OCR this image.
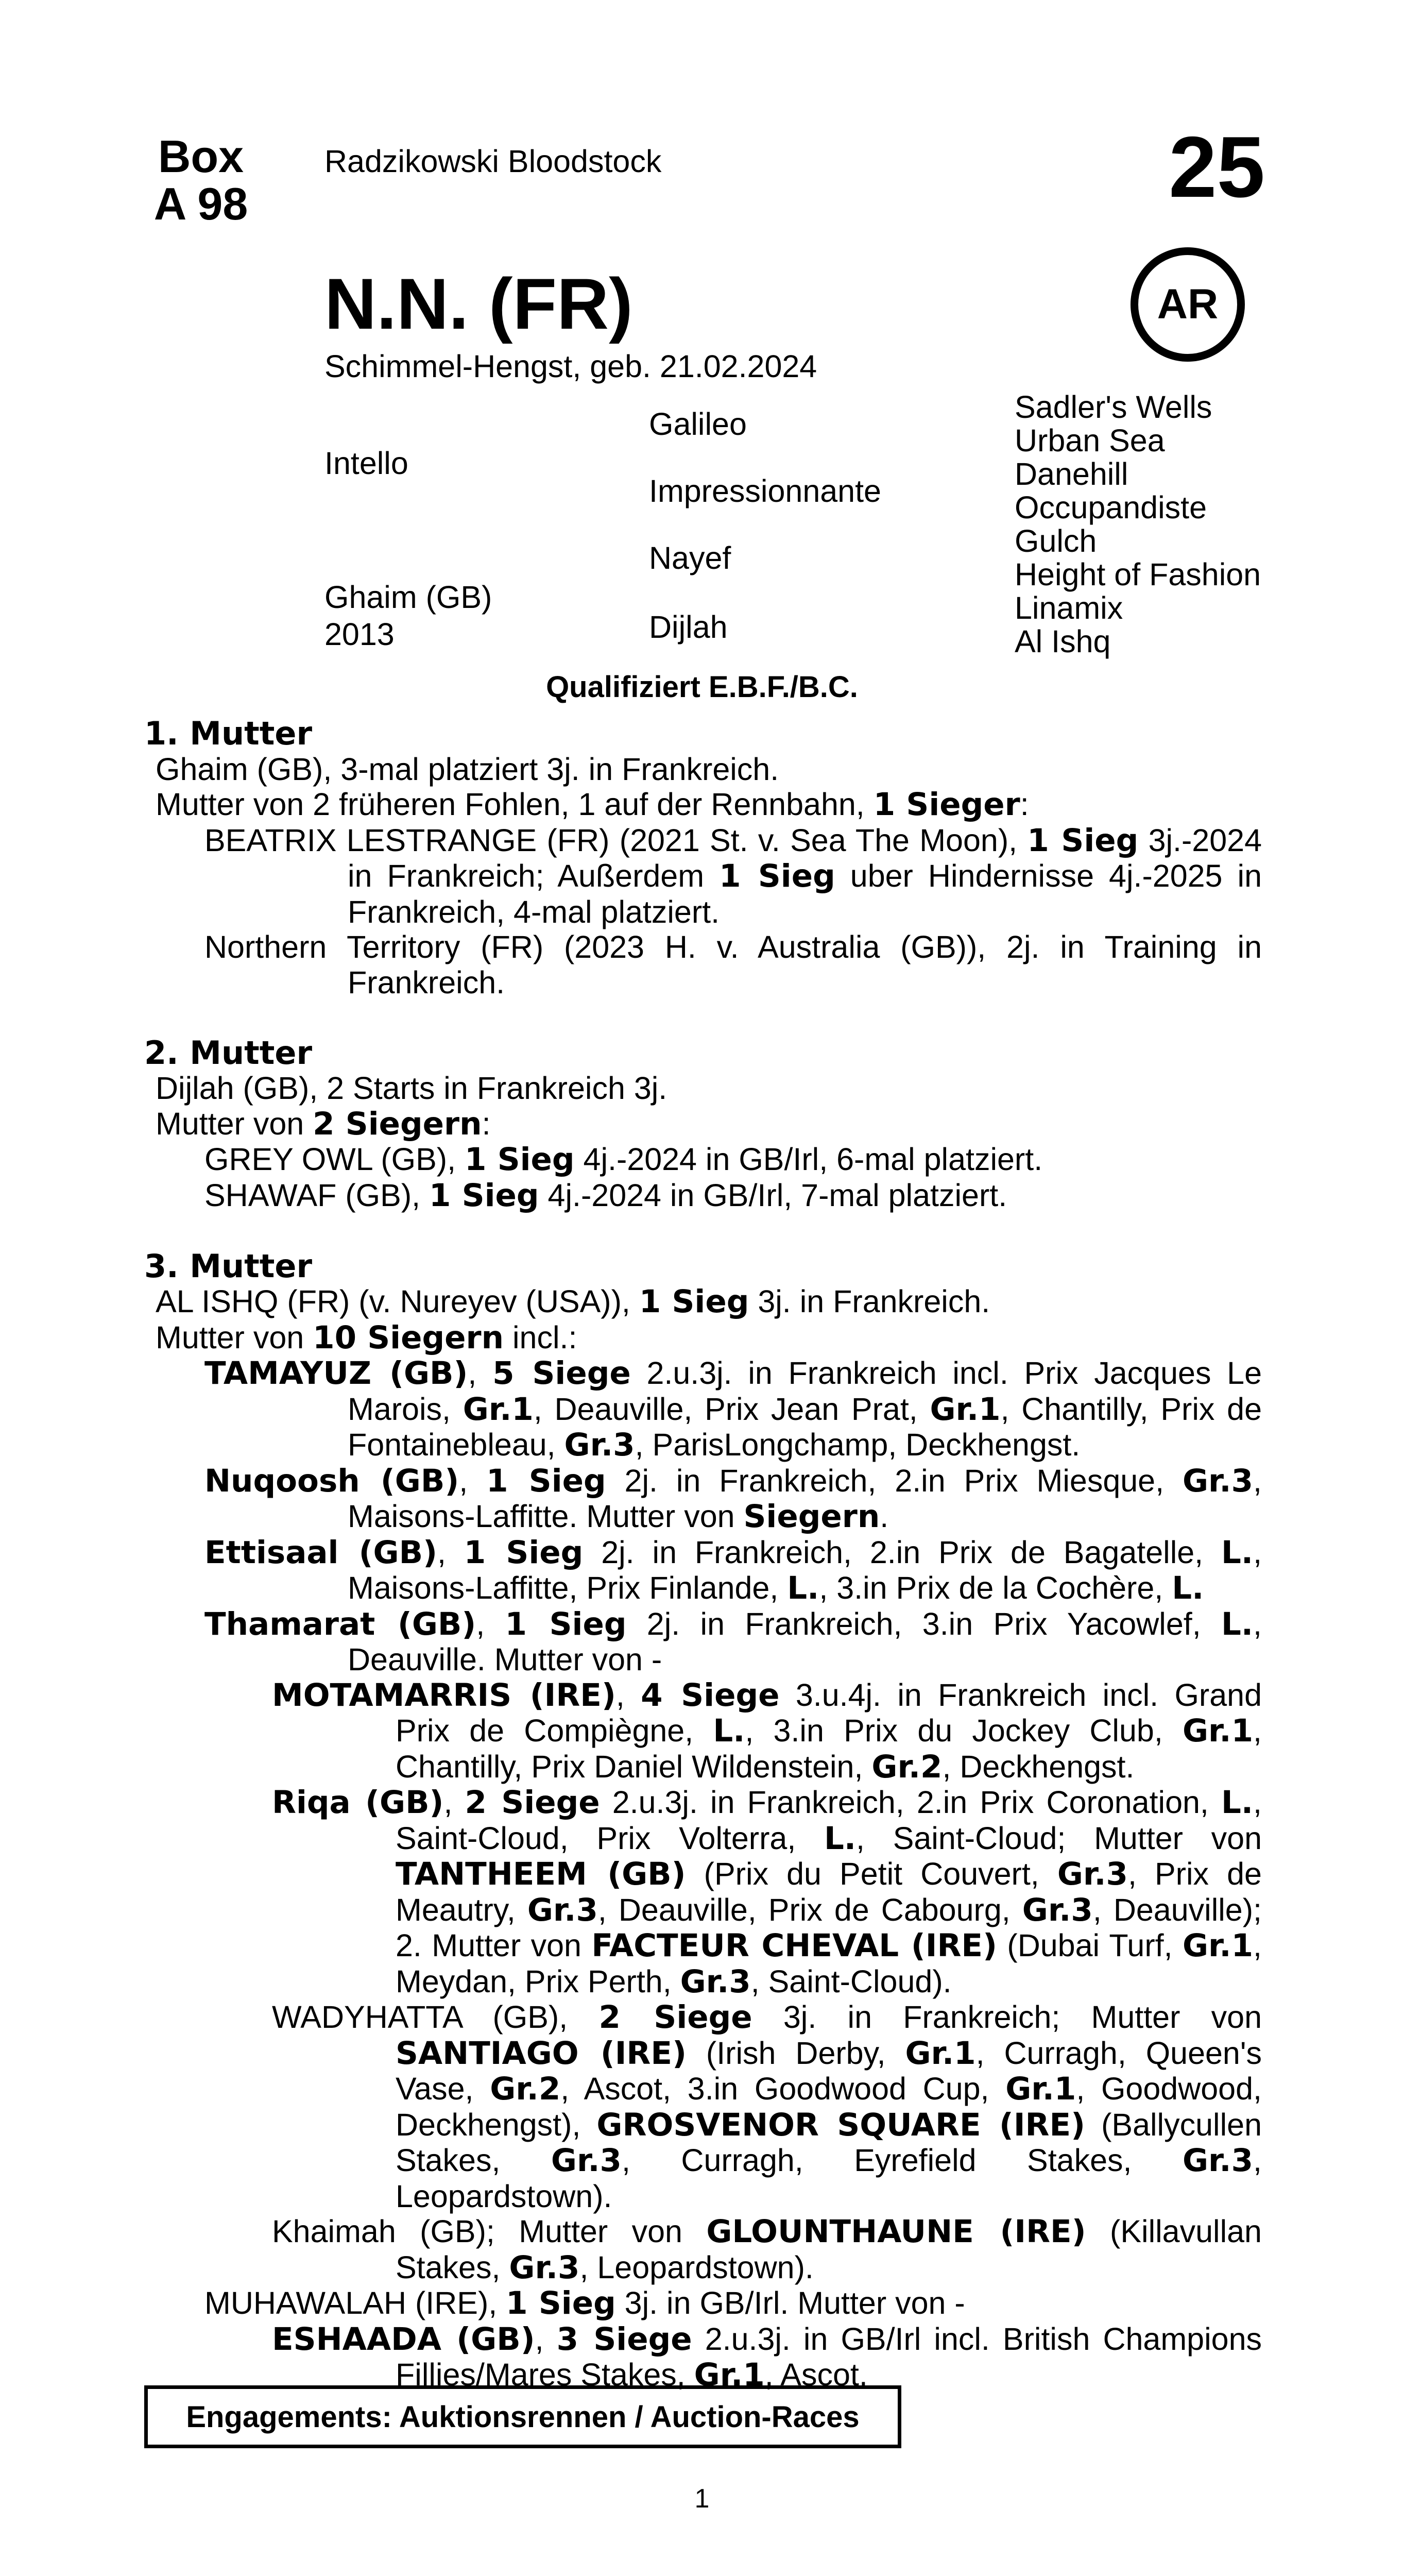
Box
A 98
Radzikowski Bloodstock	25
AR
N.N. (FR)
Schimmel-Hengst, geb. 21.02.2024
Intello
Ghaim (GB)
2013
Galileo
Impressionnante
Nayef
Dijlah
Sadler's Wells
Urban Sea
Danehill
Occupandiste
Gulch
Height of Fashion
Linamix
Al Ishq
Qualifiziert E.B.F./B.C.
1. Mutter
Ghaim (GB), 3-mal platziert 3j. in Frankreich.
Mutter von 2 früheren Fohlen, 1 auf der Rennbahn, 1 Sieger:
BEATRIX LESTRANGE (FR) (2021 St. v. Sea The Moon), 1 Sieg 3j.-2024 in Frankreich; Außerdem 1 Sieg uber Hindernisse 4j.-2025 in Frankreich, 4-mal platziert.
Northern Territory (FR) (2023 H. v. Australia (GB)), 2j. in Training in Frankreich.
2. Mutter
Dijlah (GB), 2 Starts in Frankreich 3j.
Mutter von 2 Siegern:
GREY OWL (GB), 1 Sieg 4j.-2024 in GB/Irl, 6-mal platziert.
SHAWAF (GB), 1 Sieg 4j.-2024 in GB/Irl, 7-mal platziert.
3. Mutter
AL ISHQ (FR) (v. Nureyev (USA)), 1 Sieg 3j. in Frankreich.
Mutter von 10 Siegern incl.:
TAMAYUZ (GB), 5 Siege 2.u.3j. in Frankreich incl. Prix Jacques Le Marois, Gr.1, Deauville, Prix Jean Prat, Gr.1, Chantilly, Prix de Fontainebleau, Gr.3, ParisLongchamp, Deckhengst.
Nuqoosh (GB), 1 Sieg 2j. in Frankreich, 2.in Prix Miesque, Gr.3, Maisons-Laffitte. Mutter von Siegern.
Ettisaal (GB), 1 Sieg 2j. in Frankreich, 2.in Prix de Bagatelle, L., Maisons-Laffitte, Prix Finlande, L., 3.in Prix de la Cochère, L.
Thamarat (GB), 1 Sieg 2j. in Frankreich, 3.in Prix Yacowlef, L., Deauville. Mutter von -
MOTAMARRIS (IRE), 4 Siege 3.u.4j. in Frankreich incl. Grand Prix de Compiègne, L., 3.in Prix du Jockey Club, Gr.1, Chantilly, Prix Daniel Wildenstein, Gr.2, Deckhengst.
Riqa (GB), 2 Siege 2.u.3j. in Frankreich, 2.in Prix Coronation, L., Saint-Cloud, Prix Volterra, L., Saint-Cloud; Mutter von TANTHEEM (GB) (Prix du Petit Couvert, Gr.3, Prix de Meautry, Gr.3, Deauville, Prix de Cabourg, Gr.3, Deauville); 2. Mutter von FACTEUR CHEVAL (IRE) (Dubai Turf, Gr.1, Meydan, Prix Perth, Gr.3, Saint-Cloud).
WADYHATTA (GB), 2 Siege 3j. in Frankreich; Mutter von SANTIAGO (IRE) (Irish Derby, Gr.1, Curragh, Queen's Vase, Gr.2, Ascot, 3.in Goodwood Cup, Gr.1, Goodwood, Deckhengst), GROSVENOR SQUARE (IRE) (Ballycullen Stakes, Gr.3, Curragh, Eyrefield Stakes, Gr.3, Leopardstown).
Khaimah (GB); Mutter von GLOUNTHAUNE (IRE) (Killavullan Stakes, Gr.3, Leopardstown).
MUHAWALAH (IRE), 1 Sieg 3j. in GB/Irl. Mutter von -
ESHAADA (GB), 3 Siege 2.u.3j. in GB/Irl incl. British Champions Fillies/Mares Stakes, Gr.1, Ascot.
Engagements: Auktionsrennen / Auction-Races
1
